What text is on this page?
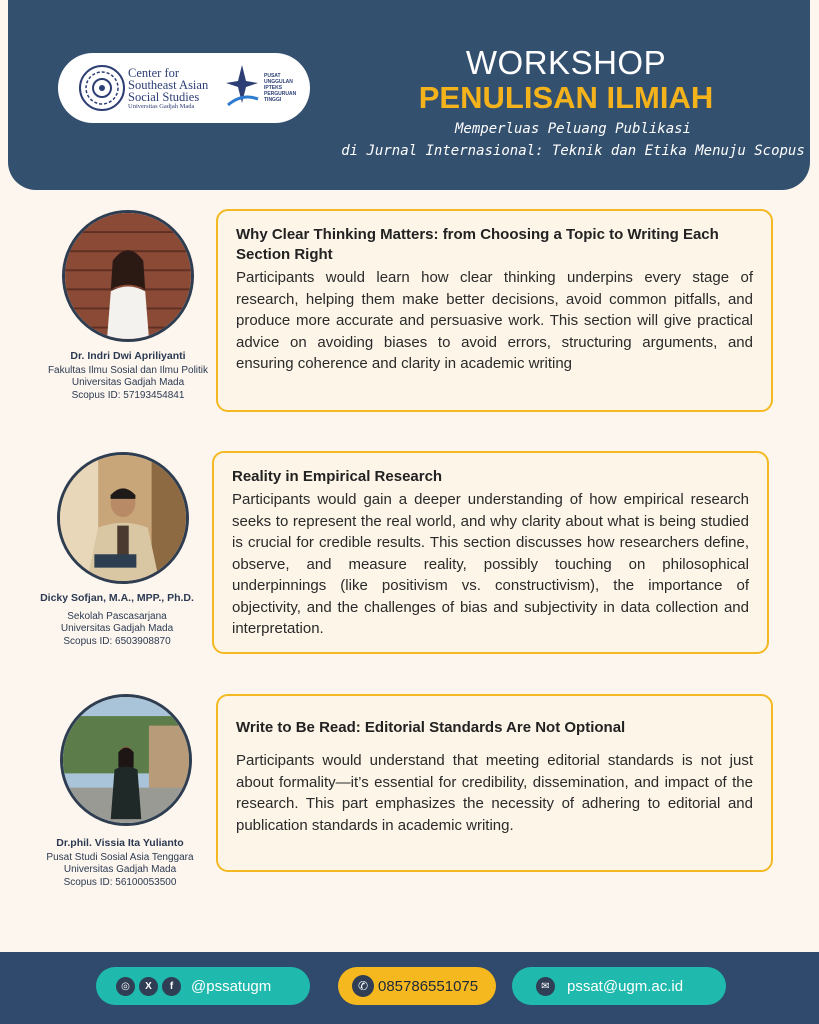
Center for
Southeast Asian
Social Studies
Universitas Gadjah Mada
PUSAT UNGGULAN IPTEKS PERGURUAN TINGGI
WORKSHOP
PENULISAN ILMIAH
Memperluas Peluang Publikasi
di Jurnal Internasional: Teknik dan Etika Menuju Scopus
Dr. Indri Dwi Apriliyanti
Fakultas Ilmu Sosial dan Ilmu Politik
Universitas Gadjah Mada
Scopus ID: 57193454841
Why Clear Thinking Matters: from Choosing a Topic to Writing Each Section Right

Participants would learn how clear thinking underpins every stage of research, helping them make better decisions, avoid common pitfalls, and produce more accurate and persuasive work. This section will give practical advice on avoiding biases to avoid errors, structuring arguments, and ensuring coherence and clarity in academic writing

Dicky Sofjan, M.A., MPP., Ph.D.
Sekolah Pascasarjana
Universitas Gadjah Mada
Scopus ID: 6503908870
Reality in Empirical Research

Participants would gain a deeper understanding of how empirical research seeks to represent the real world, and why clarity about what is being studied is crucial for credible results. This section discusses how researchers define, observe, and measure reality, possibly touching on philosophical underpinnings (like positivism vs. constructivism), the importance of objectivity, and the challenges of bias and subjectivity in data collection and interpretation.

Dr.phil. Vissia Ita Yulianto
Pusat Studi Sosial Asia Tenggara
Universitas Gadjah Mada
Scopus ID: 56100053500
Write to Be Read: Editorial Standards Are Not Optional

Participants would understand that meeting editorial standards is not just about formality—it’s essential for credibility, dissemination, and impact of the research. This part emphasizes the necessity of adhering to editorial and publication standards in academic writing.

◎	X	f	@pssatugm	✆ 085786551075	✉	pssat@ugm.ac.id
